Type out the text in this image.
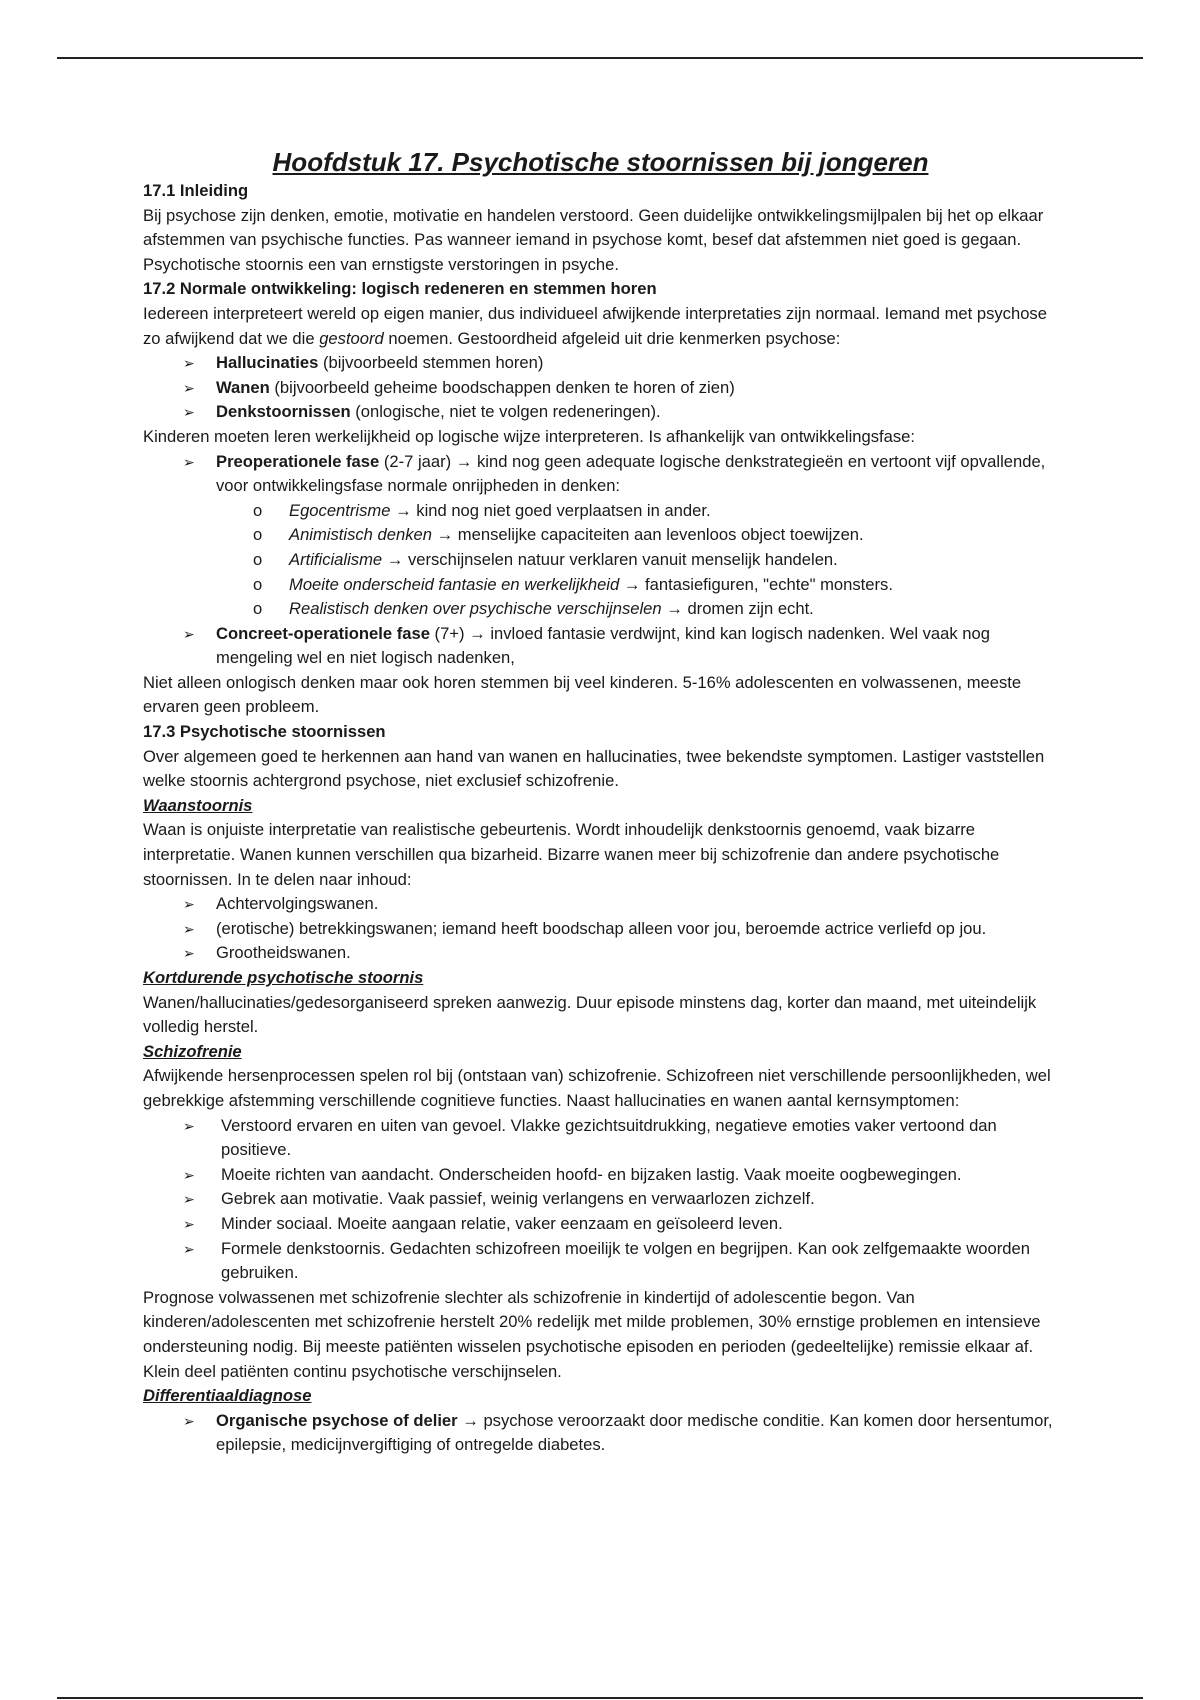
Hoofdstuk 17. Psychotische stoornissen bij jongeren

17.1 Inleiding

Bij psychose zijn denken, emotie, motivatie en handelen verstoord. Geen duidelijke ontwikkelingsmijlpalen bij het op elkaar afstemmen van psychische functies. Pas wanneer iemand in psychose komt, besef dat afstemmen niet goed is gegaan. Psychotische stoornis een van ernstigste verstoringen in psyche.

17.2 Normale ontwikkeling: logisch redeneren en stemmen horen

Iedereen interpreteert wereld op eigen manier, dus individueel afwijkende interpretaties zijn normaal. Iemand met psychose zo afwijkend dat we die gestoord noemen. Gestoordheid afgeleid uit drie kenmerken psychose:

➢ Hallucinaties (bijvoorbeeld stemmen horen)
➢ Wanen (bijvoorbeeld geheime boodschappen denken te horen of zien)
➢ Denkstoornissen (onlogische, niet te volgen redeneringen).

Kinderen moeten leren werkelijkheid op logische wijze interpreteren. Is afhankelijk van ontwikkelingsfase:

➢ Preoperationele fase (2-7 jaar) → kind nog geen adequate logische denkstrategieën en vertoont vijf opvallende, voor ontwikkelingsfase normale onrijpheden in denken:
o Egocentrisme → kind nog niet goed verplaatsen in ander.
o Animistisch denken → menselijke capaciteiten aan levenloos object toewijzen.
o Artificialisme → verschijnselen natuur verklaren vanuit menselijk handelen.
o Moeite onderscheid fantasie en werkelijkheid → fantasiefiguren, "echte" monsters.
o Realistisch denken over psychische verschijnselen → dromen zijn echt.
➢ Concreet-operationele fase (7+) → invloed fantasie verdwijnt, kind kan logisch nadenken. Wel vaak nog mengeling wel en niet logisch nadenken,

Niet alleen onlogisch denken maar ook horen stemmen bij veel kinderen. 5-16% adolescenten en volwassenen, meeste ervaren geen probleem.

17.3 Psychotische stoornissen

Over algemeen goed te herkennen aan hand van wanen en hallucinaties, twee bekendste symptomen. Lastiger vaststellen welke stoornis achtergrond psychose, niet exclusief schizofrenie.

Waanstoornis

Waan is onjuiste interpretatie van realistische gebeurtenis. Wordt inhoudelijk denkstoornis genoemd, vaak bizarre interpretatie. Wanen kunnen verschillen qua bizarheid. Bizarre wanen meer bij schizofrenie dan andere psychotische stoornissen. In te delen naar inhoud:

➢ Achtervolgingswanen.
➢ (erotische) betrekkingswanen; iemand heeft boodschap alleen voor jou, beroemde actrice verliefd op jou.
➢ Grootheidswanen.

Kortdurende psychotische stoornis

Wanen/hallucinaties/gedesorganiseerd spreken aanwezig. Duur episode minstens dag, korter dan maand, met uiteindelijk volledig herstel.

Schizofrenie

Afwijkende hersenprocessen spelen rol bij (ontstaan van) schizofrenie. Schizofreen niet verschillende persoonlijkheden, wel gebrekkige afstemming verschillende cognitieve functies. Naast hallucinaties en wanen aantal kernsymptomen:

➢ Verstoord ervaren en uiten van gevoel. Vlakke gezichtsuitdrukking, negatieve emoties vaker vertoond dan positieve.
➢ Moeite richten van aandacht. Onderscheiden hoofd- en bijzaken lastig. Vaak moeite oogbewegingen.
➢ Gebrek aan motivatie. Vaak passief, weinig verlangens en verwaarlozen zichzelf.
➢ Minder sociaal. Moeite aangaan relatie, vaker eenzaam en geïsoleerd leven.
➢ Formele denkstoornis. Gedachten schizofreen moeilijk te volgen en begrijpen. Kan ook zelfgemaakte woorden gebruiken.

Prognose volwassenen met schizofrenie slechter als schizofrenie in kindertijd of adolescentie begon. Van kinderen/adolescenten met schizofrenie herstelt 20% redelijk met milde problemen, 30% ernstige problemen en intensieve ondersteuning nodig. Bij meeste patiënten wisselen psychotische episoden en perioden (gedeeltelijke) remissie elkaar af. Klein deel patiënten continu psychotische verschijnselen.

Differentiaaldiagnose

➢ Organische psychose of delier → psychose veroorzaakt door medische conditie. Kan komen door hersentumor, epilepsie, medicijnvergiftiging of ontregelde diabetes.
